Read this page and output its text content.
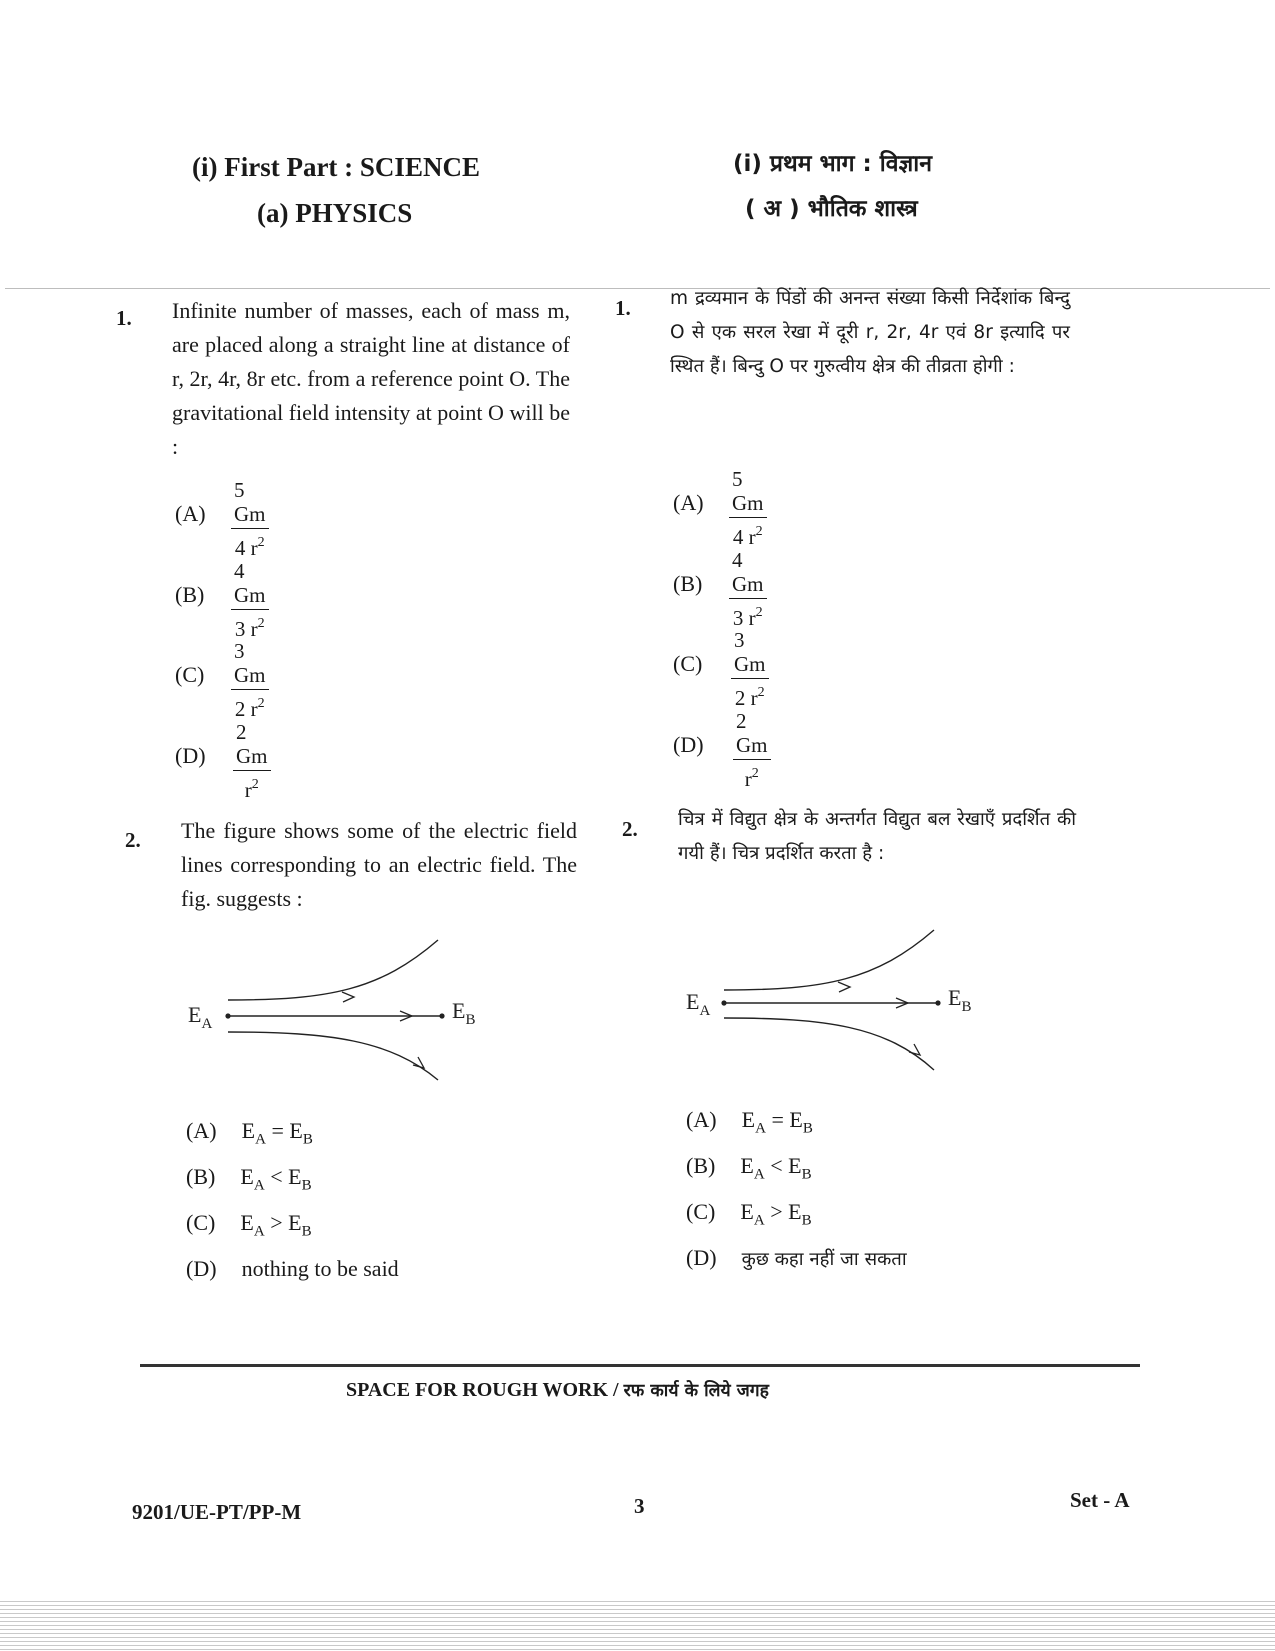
(i) First Part : SCIENCE
(a) PHYSICS
(i) प्रथम भाग : विज्ञान
( अ ) भौतिक शास्त्र
1. Infinite number of masses, each of mass m, are placed along a straight line at distance of r, 2r, 4r, 8r etc. from a reference point O. The gravitational field intensity at point O will be :
$(A) \frac{5 Gm}{4 r^2}$
$(B) \frac{4 Gm}{3 r^2}$
$(C) \frac{3 Gm}{2 r^2}$
$(D) \frac{2 Gm}{r^2}$
1. m द्रव्यमान के पिंडों की अनन्त संख्या किसी निर्देशांक बिन्दु O से एक सरल रेखा में दूरी r, 2r, 4r एवं 8r इत्यादि पर स्थित हैं। बिन्दु O पर गुरुत्वीय क्षेत्र की तीव्रता होगी :
$(A) \frac{5 Gm}{4 r^2}$
$(B) \frac{4 Gm}{3 r^2}$
$(C) \frac{3 Gm}{2 r^2}$
$(D) \frac{2 Gm}{r^2}$
2. The figure shows some of the electric field lines corresponding to an electric field. The fig. suggests :
$E_A$
$E_B$
(A) $E_A = E_B$
(B) $E_A < E_B$
(C) $E_A > E_B$
(D) nothing to be said
2. चित्र में विद्युत क्षेत्र के अन्तर्गत विद्युत बल रेखाएँ प्रदर्शित की गयी हैं। चित्र प्रदर्शित करता है :
$E_A$
$E_B$
(A) $E_A = E_B$
(B) $E_A < E_B$
(C) $E_A > E_B$
(D) कुछ कहा नहीं जा सकता
SPACE FOR ROUGH WORK / रफ कार्य के लिये जगह
9201/UE-PT/PP-M	3	Set - A
